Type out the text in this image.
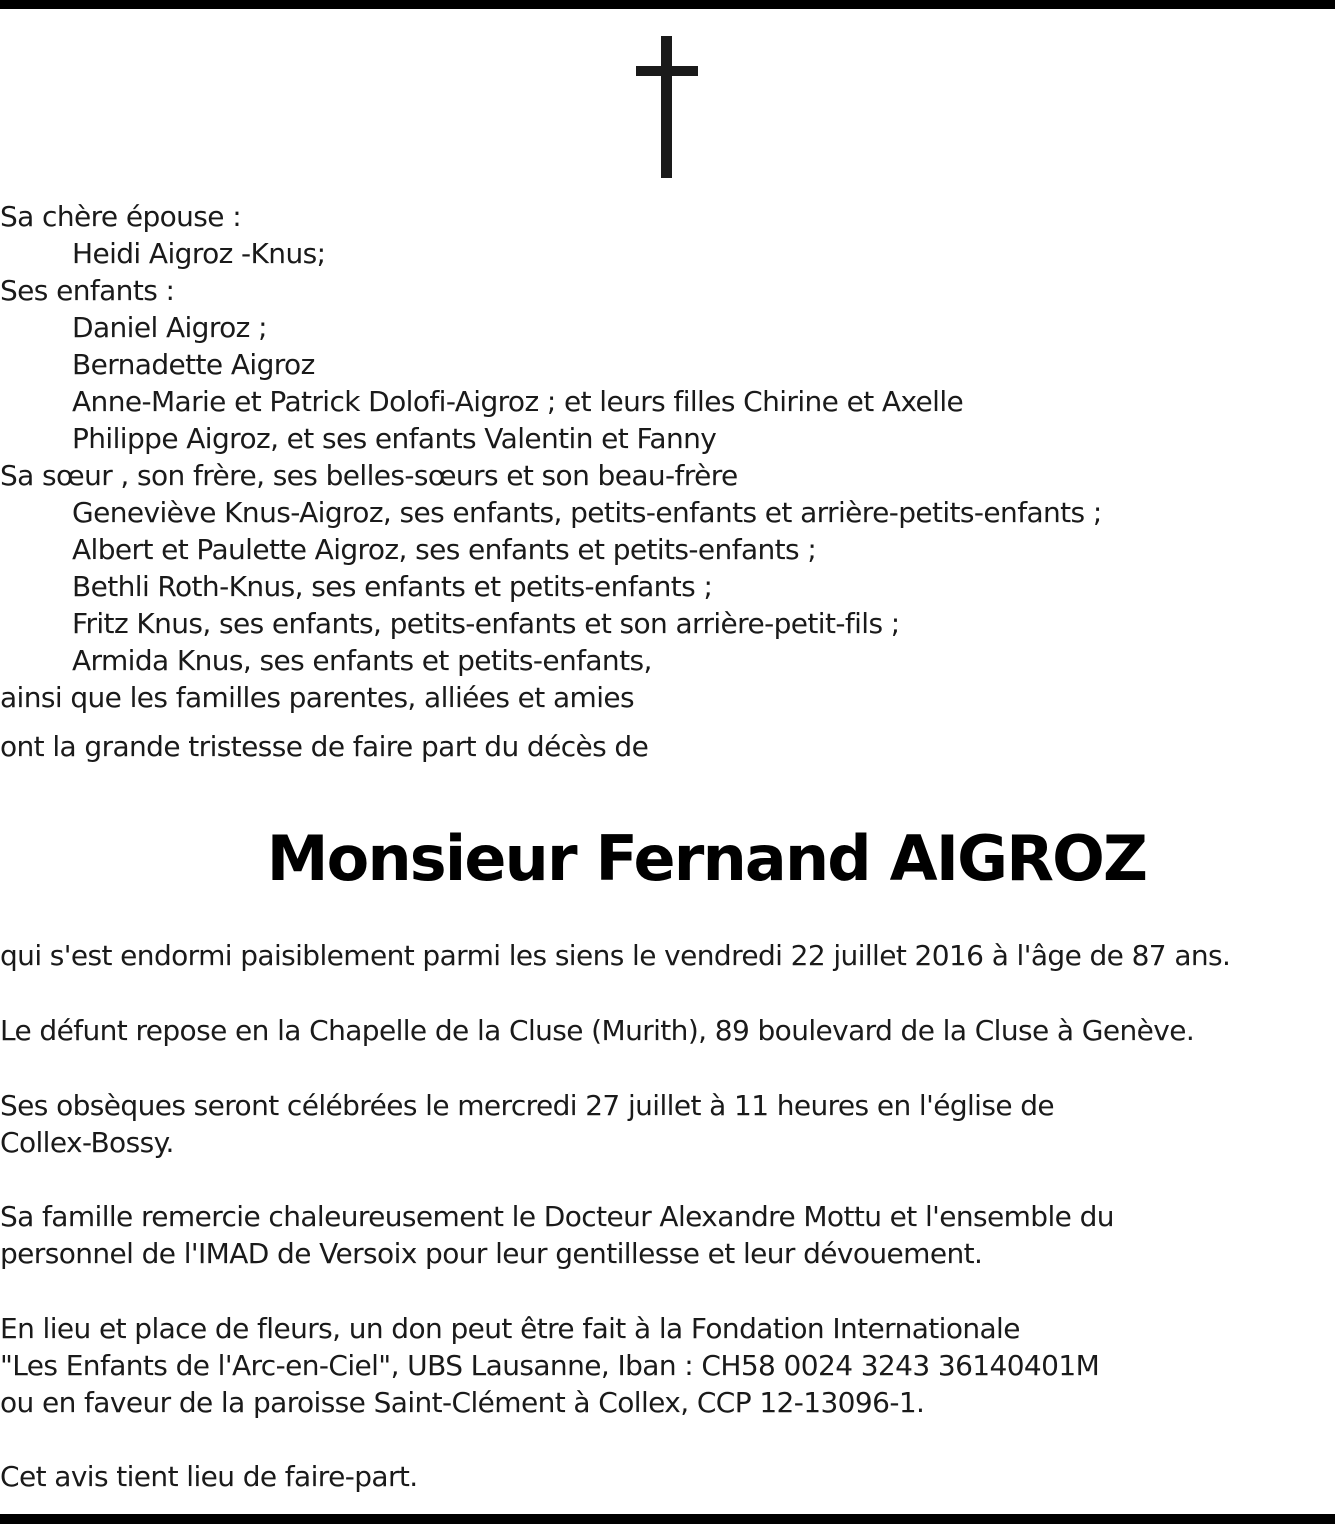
Sa chère épouse :

Heidi Aigroz -Knus;

Ses enfants :

Daniel Aigroz ;

Bernadette Aigroz

Anne-Marie et Patrick Dolofi-Aigroz ; et leurs filles Chirine et Axelle

Philippe Aigroz, et ses enfants Valentin et Fanny

Sa sœur , son frère, ses belles-sœurs et son beau-frère

Geneviève Knus-Aigroz, ses enfants, petits-enfants et arrière-petits-enfants ;

Albert et Paulette Aigroz, ses enfants et petits-enfants ;

Bethli Roth-Knus, ses enfants et petits-enfants ;

Fritz Knus, ses enfants, petits-enfants et son arrière-petit-fils ;

Armida Knus, ses enfants et petits-enfants,

ainsi que les familles parentes, alliées et amies

ont la grande tristesse de faire part du décès de

Monsieur Fernand AIGROZ

qui s'est endormi paisiblement parmi les siens le vendredi 22 juillet 2016 à l'âge de 87 ans.

Le défunt repose en la Chapelle de la Cluse (Murith), 89 boulevard de la Cluse à Genève.

Ses obsèques seront célébrées le mercredi 27 juillet à 11 heures en l'église de

Collex-Bossy.

Sa famille remercie chaleureusement le Docteur Alexandre Mottu et l'ensemble du

personnel de l'IMAD de Versoix pour leur gentillesse et leur dévouement.

En lieu et place de fleurs, un don peut être fait à la Fondation Internationale

"Les Enfants de l'Arc-en-Ciel", UBS Lausanne, Iban : CH58 0024 3243 36140401M

ou en faveur de la paroisse Saint-Clément à Collex, CCP 12-13096-1.

Cet avis tient lieu de faire-part.
